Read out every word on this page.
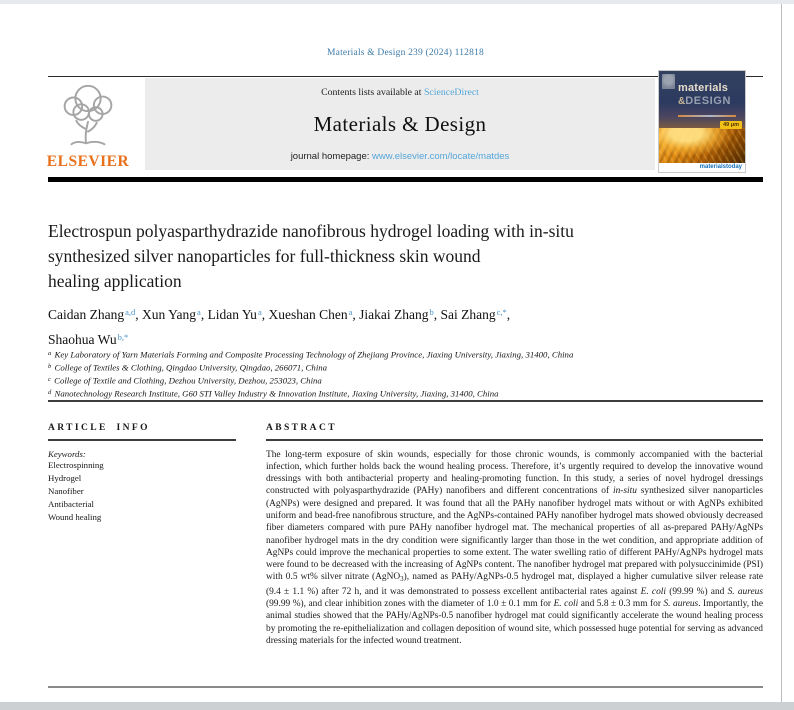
Materials & Design 239 (2024) 112818
ELSEVIER
Contents lists available at ScienceDirect
Materials & Design
journal homepage: www.elsevier.com/locate/matdes
materials
&DESIGN
49 μm
materialstoday
Electrospun polyasparthydrazide nanofibrous hydrogel loading with in-situ
synthesized silver nanoparticles for full-thickness skin wound
healing application
Caidan Zhang$^{a,d}$, Xun Yang$^a$, Lidan Yu$^a$, Xueshan Chen$^a$, Jiakai Zhang$^b$, Sai Zhang$^{c,*}$,
Shaohua $Wu^{b,*}$
$^a$ Key Laboratory of Yarn Materials Forming and Composite Processing Technology of Zhejiang Province, Jiaxing University, Jiaxing, 31400, China
$^b$ College of Textiles & Clothing, Qingdao University, Qingdao, 266071, China
$^c$ College of Textile and Clothing, Dezhou University, Dezhou, 253023, China
$^d$ Nanotechnology Research Institute, G60 STI Valley Industry & Innovation Institute, Jiaxing University, Jiaxing, 31400, China
ARTICLE INFO
Keywords:
Electrospinning
Hydrogel
Nanofiber
Antibacterial
Wound healing
ABSTRACT

The long-term exposure of skin wounds, especially for those chronic wounds, is commonly accompanied with the bacterial infection, which further holds back the wound healing process. Therefore, it’s urgently required to develop the innovative wound dressings with both antibacterial property and healing-promoting function. In this study, a series of novel hydrogel dressings constructed with polyasparthydrazide (PAHy) nanofibers and different concentrations of in-situ synthesized silver nanoparticles (AgNPs) were designed and prepared. It was found that all the PAHy nanofiber hydrogel mats without or with AgNPs exhibited uniform and bead-free nanofibrous structure, and the AgNPs-contained PAHy nanofiber hydrogel mats showed obviously decreased fiber diameters compared with pure PAHy nanofiber hydrogel mat. The mechanical properties of all as-prepared PAHy/AgNPs nanofiber hydrogel mats in the dry condition were significantly larger than those in the wet condition, and appropriate addition of AgNPs could improve the mechanical properties to some extent. The water swelling ratio of different PAHy/AgNPs hydrogel mats were found to be decreased with the increasing of AgNPs content. The nanofiber hydrogel mat prepared with polysuccinimide (PSI) with 0.5 wt% silver nitrate (AgNO$_3$), named as PAHy/AgNPs-0.5 hydrogel mat, displayed a higher cumulative silver release rate (9.4 ± 1.1 %) after 72 h, and it was demonstrated to possess excellent antibacterial rates against E. coli (99.99 %) and S. aureus (99.99 %), and clear inhibition zones with the diameter of 1.0 ± 0.1 mm for E. coli and 5.8 ± 0.3 mm for S. aureus. Importantly, the animal studies showed that the PAHy/AgNPs-0.5 nanofiber hydrogel mat could significantly accelerate the wound healing process by promoting the re-epithelialization and collagen deposition of wound site, which possessed huge potential for serving as advanced dressing materials for the infected wound treatment.
